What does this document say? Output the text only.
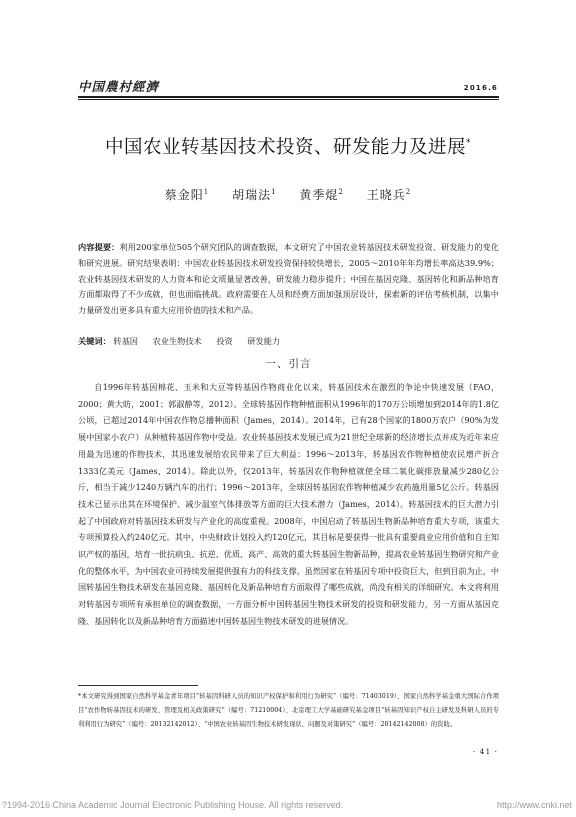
中国農村經濟	2016.6
中国农业转基因技术投资、研发能力及进展*
蔡金阳$^1$ 胡瑞法$^1$ 黄季焜$^2$ 王晓兵$^2$
内容提要：利用200家单位505个研究团队的调查数据，本文研究了中国农业转基因技术研发投资、研发能力的变化和研究进展。研究结果表明：中国农业转基因技术研发投资保持较快增长，2005～2010年年均增长率高达39.9%；农业转基因技术研发的人力资本和论文质量显著改善，研发能力稳步提升；中国在基因克隆、基因转化和新品种培育方面都取得了不少成就，但也面临挑战。政府需要在人员和经费方面加强顶层设计，探索新的评估考核机制，以集中力量研发出更多具有重大应用价值的技术和产品。
关键词： 转基因 农业生物技术 投资 研发能力
一、引言

自1996年转基因棉花、玉米和大豆等转基因作物商业化以来，转基因技术在激烈的争论中快速发展（FAO，2000；黄大昉，2001；郭淑静等，2012）。全球转基因作物种植面积从1996年的170万公顷增加到2014年的1.8亿公顷，已超过2014年中国农作物总播种面积（James，2014）。2014年，已有28个国家的1800万农户（90%为发展中国家小农户）从种植转基因作物中受益。农业转基因技术发展已成为21世纪全球新的经济增长点并成为近年来应用最为迅速的作物技术，其迅速发展给农民带来了巨大利益：1996～2013年，转基因农作物种植使农民增产折合1333亿美元（James，2014）。除此以外，仅2013年，转基因农作物种植就使全球二氧化碳排放量减少280亿公斤，相当于减少1240万辆汽车的出行；1996～2013年，全球因转基因农作物种植减少农药施用量5亿公斤。转基因技术已显示出其在环境保护、减少温室气体排放等方面的巨大技术潜力（James，2014）。转基因技术的巨大潜力引起了中国政府对转基因技术研发与产业化的高度重视。2008年，中国启动了转基因生物新品种培育重大专项，该重大专项预算投入约240亿元。其中，中央财政计划投入约120亿元，其目标是要获得一批具有重要商业应用价值和自主知识产权的基因，培育一批抗病虫、抗逆、优质、高产、高效的重大转基因生物新品种，提高农业转基因生物研究和产业化的整体水平，为中国农业可持续发展提供强有力的科技支撑。虽然国家在转基因专项中投资巨大，但到目前为止，中国转基因生物技术研发在基因克隆、基因转化及新品种培育方面取得了哪些成就，尚没有相关的详细研究。本文将利用对转基因专项所有承担单位的调查数据，一方面分析中国转基因生物技术研发的投资和研发能力，另一方面从基因克隆、基因转化以及新品种培育方面描述中国转基因生物技术研发的进展情况。

*本文研究得到国家自然科学基金青年项目“转基因科研人员的知识产权保护和利用行为研究”（编号：71403019）、国家自然科学基金重大国际合作项目“农作物转基因技术的研发、管理及相关政策研究”（编号：71210004）、北京理工大学基础研究基金项目“转基因知识产权自主研发及科研人员的专利利用行为研究”（编号：20132142012）、“中国农业转基因生物技术研发现状、问题及对策研究”（编号：20142142008）的资助。
· 41 ·
?1994-2016 China Academic Journal Electronic Publishing House. All rights reserved.	http://www.cnki.net
